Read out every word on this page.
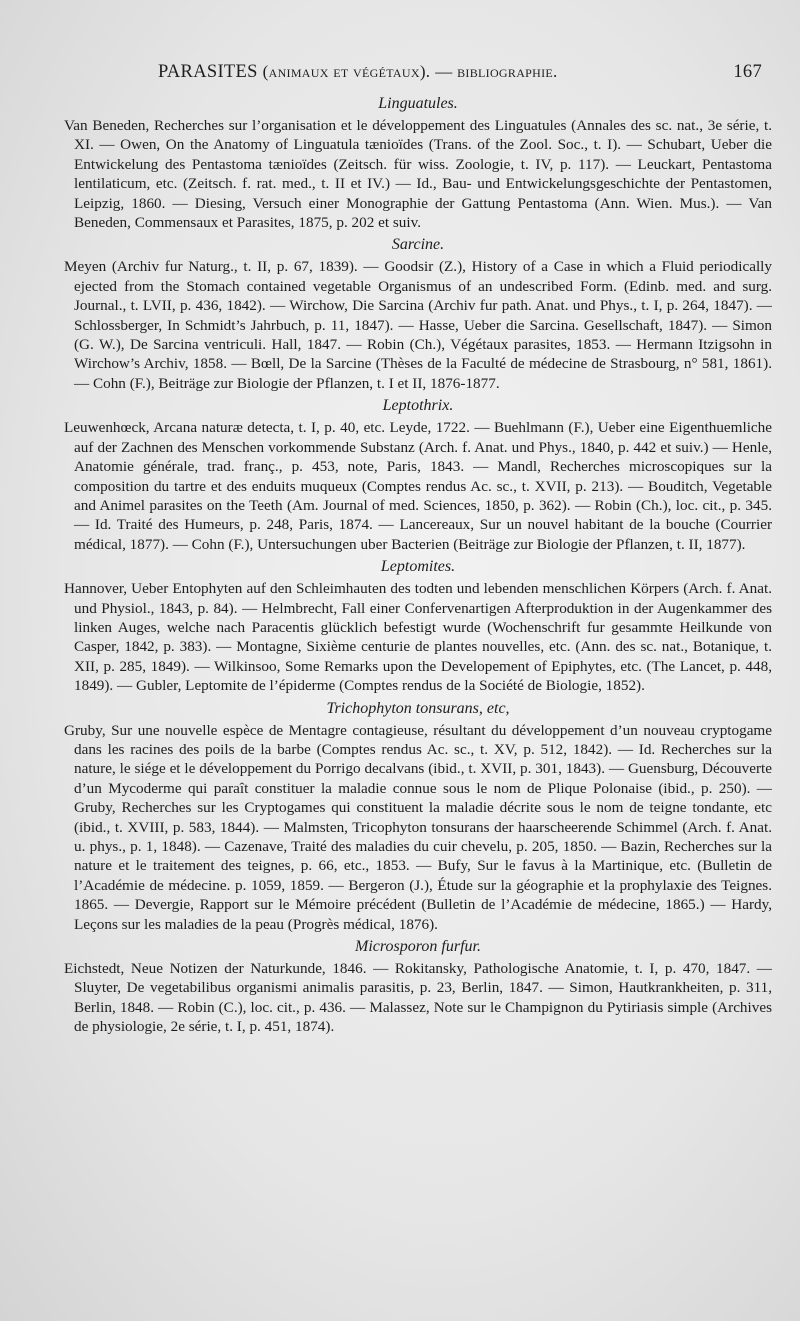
PARASITES (animaux et végétaux). — bibliographie.	167
Linguatules.

Van Beneden, Recherches sur l’organisation et le développement des Linguatules (Annales des sc. nat., 3e série, t. XI. — Owen, On the Anatomy of Linguatula tænioïdes (Trans. of the Zool. Soc., t. I). — Schubart, Ueber die Entwickelung des Pentastoma tænioïdes (Zeitsch. für wiss. Zoologie, t. IV, p. 117). — Leuckart, Pentastoma lentilaticum, etc. (Zeitsch. f. rat. med., t. II et IV.) — Id., Bau- und Entwickelungsgeschichte der Pentastomen, Leipzig, 1860. — Diesing, Versuch einer Monographie der Gattung Pentastoma (Ann. Wien. Mus.). — Van Beneden, Commensaux et Parasites, 1875, p. 202 et suiv.

Sarcine.

Meyen (Archiv fur Naturg., t. II, p. 67, 1839). — Goodsir (Z.), History of a Case in which a Fluid periodically ejected from the Stomach contained vegetable Organismus of an undescribed Form. (Edinb. med. and surg. Journal., t. LVII, p. 436, 1842). — Wirchow, Die Sarcina (Archiv fur path. Anat. und Phys., t. I, p. 264, 1847). — Schlossberger, In Schmidt’s Jahrbuch, p. 11, 1847). — Hasse, Ueber die Sarcina. Gesellschaft, 1847). — Simon (G. W.), De Sarcina ventriculi. Hall, 1847. — Robin (Ch.), Végétaux parasites, 1853. — Hermann Itzigsohn in Wirchow’s Archiv, 1858. — Bœll, De la Sarcine (Thèses de la Faculté de médecine de Strasbourg, n° 581, 1861). — Cohn (F.), Beiträge zur Biologie der Pflanzen, t. I et II, 1876-1877.

Leptothrix.

Leuwenhœck, Arcana naturæ detecta, t. I, p. 40, etc. Leyde, 1722. — Buehlmann (F.), Ueber eine Eigenthuemliche auf der Zachnen des Menschen vorkommende Substanz (Arch. f. Anat. und Phys., 1840, p. 442 et suiv.) — Henle, Anatomie générale, trad. franç., p. 453, note, Paris, 1843. — Mandl, Recherches microscopiques sur la composition du tartre et des enduits muqueux (Comptes rendus Ac. sc., t. XVII, p. 213). — Bouditch, Vegetable and Animel parasites on the Teeth (Am. Journal of med. Sciences, 1850, p. 362). — Robin (Ch.), loc. cit., p. 345. — Id. Traité des Humeurs, p. 248, Paris, 1874. — Lancereaux, Sur un nouvel habitant de la bouche (Courrier médical, 1877). — Cohn (F.), Untersuchungen uber Bacterien (Beiträge zur Biologie der Pflanzen, t. II, 1877).

Leptomites.

Hannover, Ueber Entophyten auf den Schleimhauten des todten und lebenden menschlichen Körpers (Arch. f. Anat. und Physiol., 1843, p. 84). — Helmbrecht, Fall einer Confervenartigen Afterproduktion in der Augenkammer des linken Auges, welche nach Paracentis glücklich befestigt wurde (Wochenschrift fur gesammte Heilkunde von Casper, 1842, p. 383). — Montagne, Sixième centurie de plantes nouvelles, etc. (Ann. des sc. nat., Botanique, t. XII, p. 285, 1849). — Wilkinsoo, Some Remarks upon the Developement of Epiphytes, etc. (The Lancet, p. 448, 1849). — Gubler, Leptomite de l’épiderme (Comptes rendus de la Société de Biologie, 1852).

Trichophyton tonsurans, etc,

Gruby, Sur une nouvelle espèce de Mentagre contagieuse, résultant du développement d’un nouveau cryptogame dans les racines des poils de la barbe (Comptes rendus Ac. sc., t. XV, p. 512, 1842). — Id. Recherches sur la nature, le siége et le développement du Porrigo decalvans (ibid., t. XVII, p. 301, 1843). — Guensburg, Découverte d’un Mycoderme qui paraît constituer la maladie connue sous le nom de Plique Polonaise (ibid., p. 250). — Gruby, Recherches sur les Cryptogames qui constituent la maladie décrite sous le nom de teigne tondante, etc (ibid., t. XVIII, p. 583, 1844). — Malmsten, Tricophyton tonsurans der haarscheerende Schimmel (Arch. f. Anat. u. phys., p. 1, 1848). — Cazenave, Traité des maladies du cuir chevelu, p. 205, 1850. — Bazin, Recherches sur la nature et le traitement des teignes, p. 66, etc., 1853. — Bufy, Sur le favus à la Martinique, etc. (Bulletin de l’Académie de médecine. p. 1059, 1859. — Bergeron (J.), Étude sur la géographie et la prophylaxie des Teignes. 1865. — Devergie, Rapport sur le Mémoire précédent (Bulletin de l’Académie de médecine, 1865.) — Hardy, Leçons sur les maladies de la peau (Progrès médical, 1876).

Microsporon furfur.

Eichstedt, Neue Notizen der Naturkunde, 1846. — Rokitansky, Pathologische Anatomie, t. I, p. 470, 1847. — Sluyter, De vegetabilibus organismi animalis parasitis, p. 23, Berlin, 1847. — Simon, Hautkrankheiten, p. 311, Berlin, 1848. — Robin (C.), loc. cit., p. 436. — Malassez, Note sur le Champignon du Pytiriasis simple (Archives de physiologie, 2e série, t. I, p. 451, 1874).
